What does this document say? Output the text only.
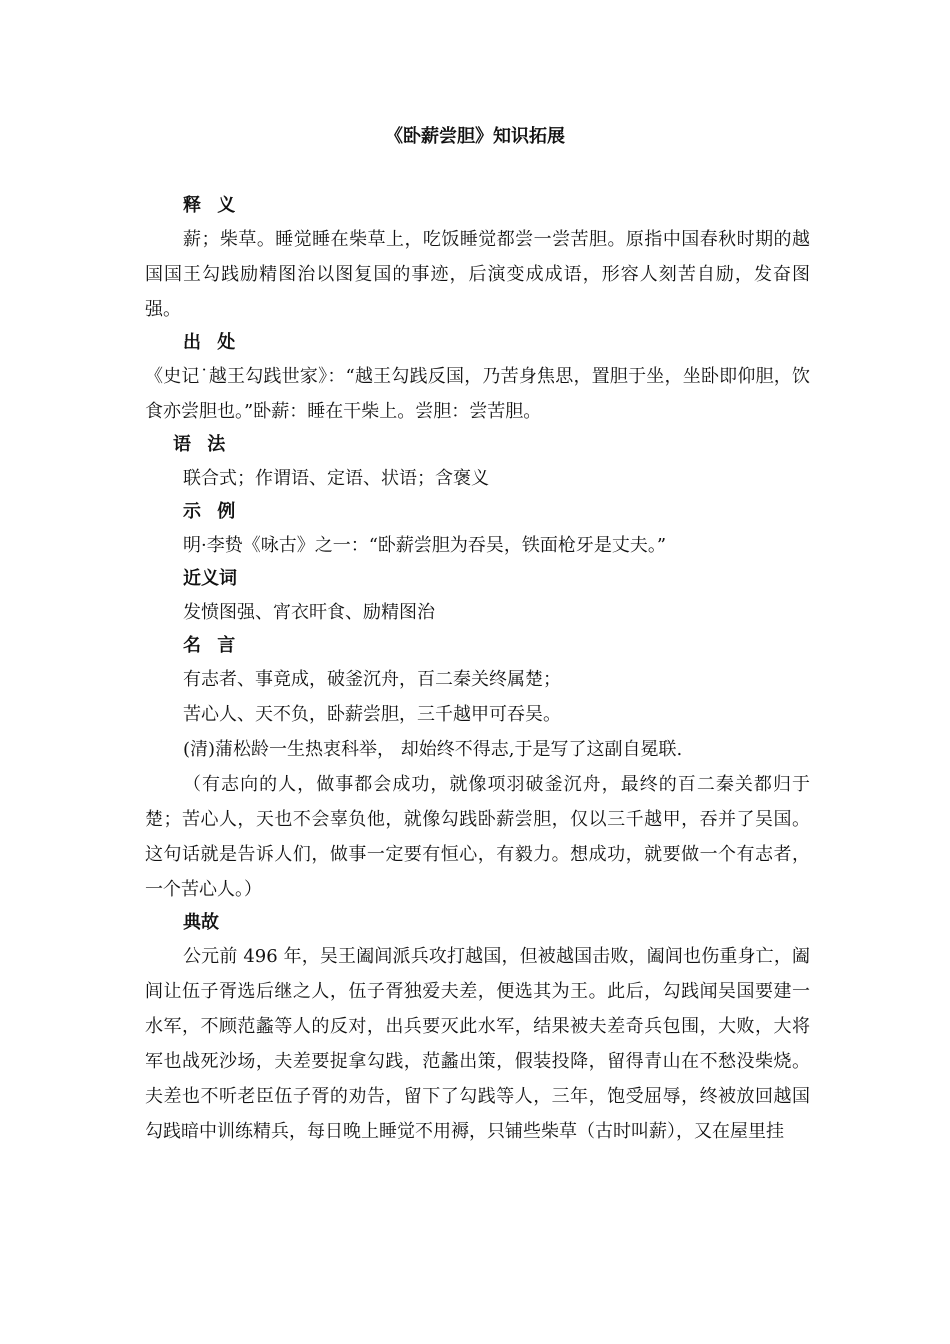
《卧薪尝胆》知识拓展
释义

薪；柴草。睡觉睡在柴草上，吃饭睡觉都尝一尝苦胆。原指中国春秋时期的越国国王勾践励精图治以图复国的事迹，后演变成成语，形容人刻苦自励，发奋图强。

出处

《史记˙越王勾践世家》：“越王勾践反国，乃苦身焦思，置胆于坐，坐卧即仰胆，饮食亦尝胆也。”卧薪：睡在干柴上。尝胆：尝苦胆。

语法

联合式；作谓语、定语、状语；含褒义

示例

明·李贽《咏古》之一：“卧薪尝胆为吞吴，铁面枪牙是丈夫。”

近义词

发愤图强、宵衣旰食、励精图治

名言

有志者、事竟成，破釜沉舟，百二秦关终属楚；

苦心人、天不负，卧薪尝胆，三千越甲可吞吴。

(清)蒲松龄一生热衷科举， 却始终不得志,于是写了这副自冕联.

（有志向的人，做事都会成功，就像项羽破釜沉舟，最终的百二秦关都归于楚；苦心人，天也不会辜负他，就像勾践卧薪尝胆，仅以三千越甲，吞并了吴国。这句话就是告诉人们，做事一定要有恒心，有毅力。想成功，就要做一个有志者，一个苦心人。）

典故

公元前 496 年，吴王阖闾派兵攻打越国，但被越国击败，阖闾也伤重身亡，阖闾让伍子胥选后继之人，伍子胥独爱夫差，便选其为王。此后，勾践闻吴国要建一水军，不顾范蠡等人的反对，出兵要灭此水军，结果被夫差奇兵包围，大败，大将军也战死沙场，夫差要捉拿勾践，范蠡出策，假装投降，留得青山在不愁没柴烧。夫差也不听老臣伍子胥的劝告，留下了勾践等人，三年，饱受屈辱，终被放回越国勾践暗中训练精兵，每日晚上睡觉不用褥，只铺些柴草（古时叫薪），又在屋里挂
